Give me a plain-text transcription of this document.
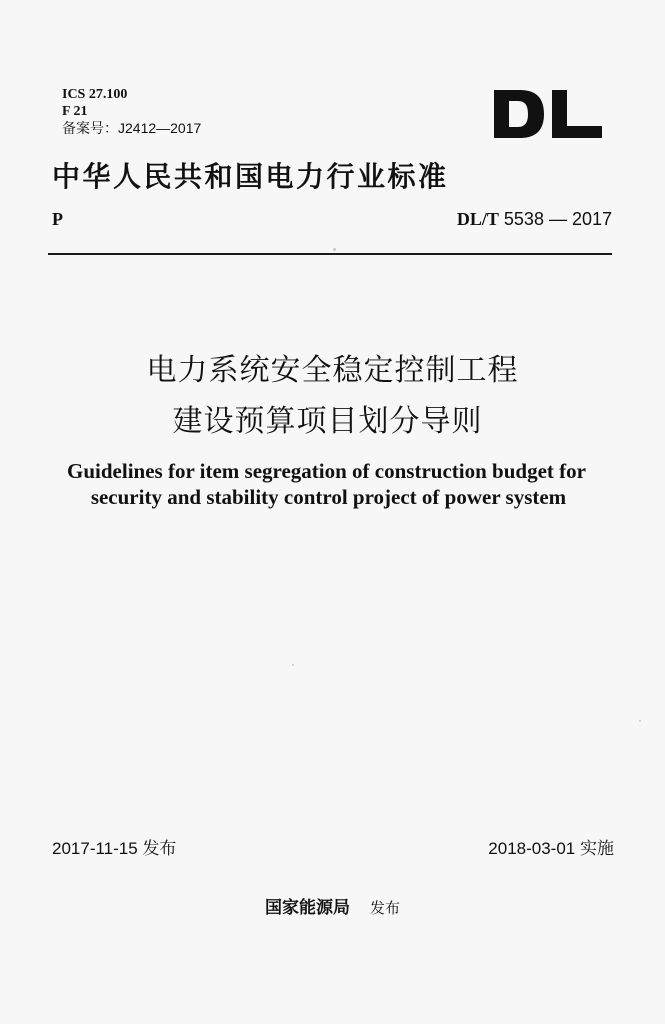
ICS 27.100
F 21
备案号：J2412—2017
中华人民共和国电力行业标准
P	DL/T 5538 — 2017
电力系统安全稳定控制工程
建设预算项目划分导则
Guidelines for item segregation of construction budget for
security and stability control project of power system
2017-11-15 发布	2018-03-01 实施
国家能源局 发布
